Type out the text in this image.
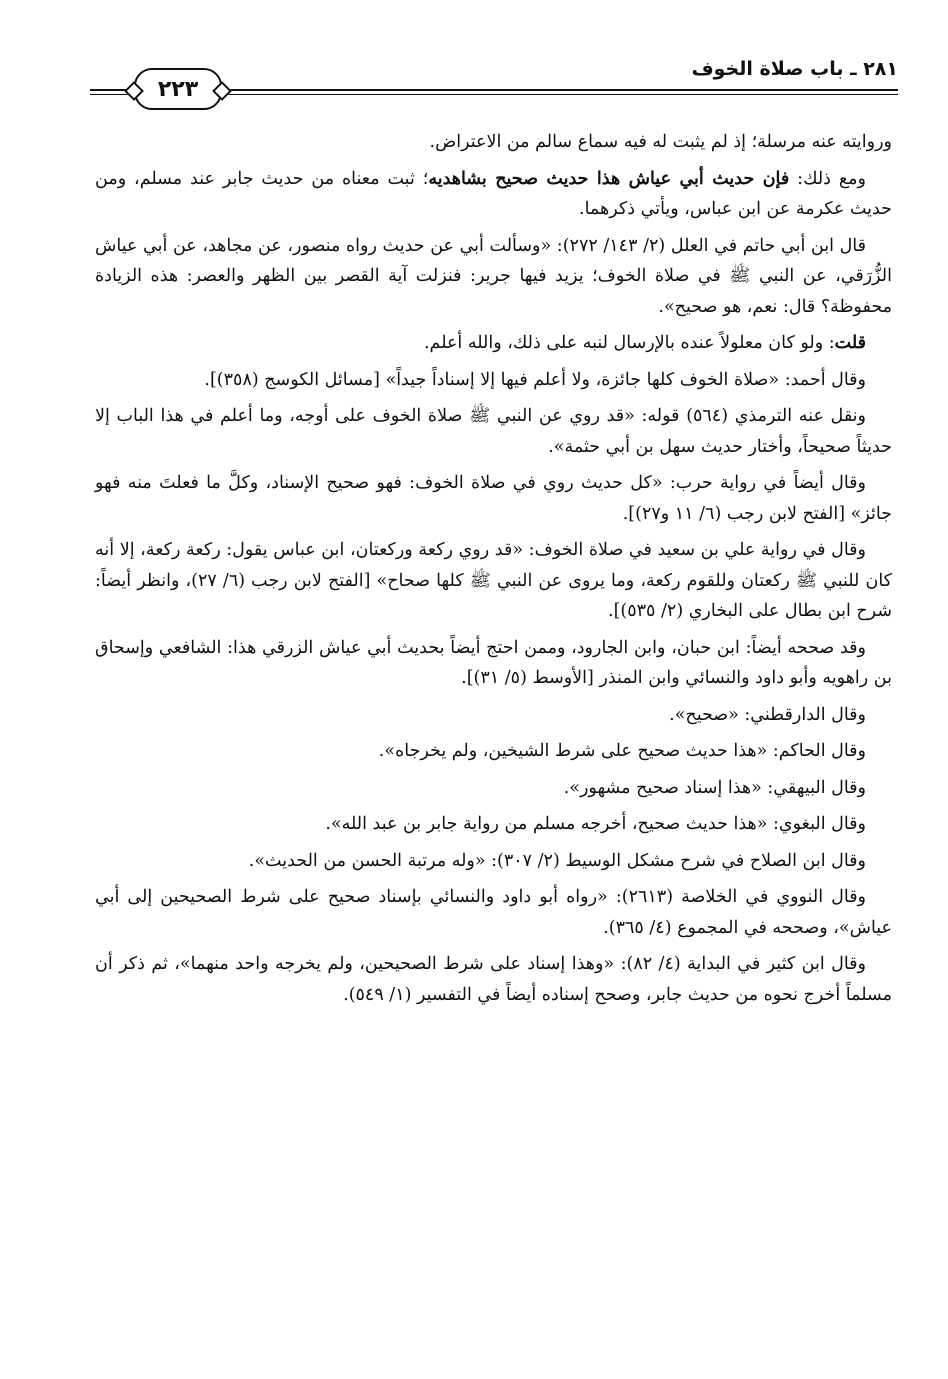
٢٨١ ـ باب صلاة الخوف
٢٢٣

وروايته عنه مرسلة؛ إذ لم يثبت له فيه سماع سالم من الاعتراض.

ومع ذلك: فإن حديث أبي عياش هذا حديث صحيح بشاهديه؛ ثبت معناه من حديث جابر عند مسلم، ومن حديث عكرمة عن ابن عباس، ويأتي ذكرهما.

قال ابن أبي حاتم في العلل (٢/ ١٤٣/ ٢٧٢): «وسألت أبي عن حديث رواه منصور، عن مجاهد، عن أبي عياش الزُّرَقي، عن النبي ﷺ في صلاة الخوف؛ يزيد فيها جرير: فنزلت آية القصر بين الظهر والعصر: هذه الزيادة محفوظة؟ قال: نعم، هو صحيح».

قلت: ولو كان معلولاً عنده بالإرسال لنبه على ذلك، والله أعلم.

وقال أحمد: «صلاة الخوف كلها جائزة، ولا أعلم فيها إلا إسناداً جيداً» [مسائل الكوسج (٣٥٨)].

ونقل عنه الترمذي (٥٦٤) قوله: «قد روي عن النبي ﷺ صلاة الخوف على أوجه، وما أعلم في هذا الباب إلا حديثاً صحيحاً، وأختار حديث سهل بن أبي حثمة».

وقال أيضاً في رواية حرب: «كل حديث روي في صلاة الخوف: فهو صحيح الإسناد، وكلَّ ما فعلتَ منه فهو جائز» [الفتح لابن رجب (٦/ ١١ و٢٧)].

وقال في رواية علي بن سعيد في صلاة الخوف: «قد روي ركعة وركعتان، ابن عباس يقول: ركعة ركعة، إلا أنه كان للنبي ﷺ ركعتان وللقوم ركعة، وما يروى عن النبي ﷺ كلها صحاح» [الفتح لابن رجب (٦/ ٢٧)، وانظر أيضاً: شرح ابن بطال على البخاري (٢/ ٥٣٥)].

وقد صححه أيضاً: ابن حبان، وابن الجارود، وممن احتج أيضاً بحديث أبي عياش الزرقي هذا: الشافعي وإسحاق بن راهويه وأبو داود والنسائي وابن المنذر [الأوسط (٥/ ٣١)].

وقال الدارقطني: «صحيح».

وقال الحاكم: «هذا حديث صحيح على شرط الشيخين، ولم يخرجاه».

وقال البيهقي: «هذا إسناد صحيح مشهور».

وقال البغوي: «هذا حديث صحيح، أخرجه مسلم من رواية جابر بن عبد الله».

وقال ابن الصلاح في شرح مشكل الوسيط (٢/ ٣٠٧): «وله مرتبة الحسن من الحديث».

وقال النووي في الخلاصة (٢٦١٣): «رواه أبو داود والنسائي بإسناد صحيح على شرط الصحيحين إلى أبي عياش»، وصححه في المجموع (٤/ ٣٦٥).

وقال ابن كثير في البداية (٤/ ٨٢): «وهذا إسناد على شرط الصحيحين، ولم يخرجه واحد منهما»، ثم ذكر أن مسلماً أخرج نحوه من حديث جابر، وصحح إسناده أيضاً في التفسير (١/ ٥٤٩).
